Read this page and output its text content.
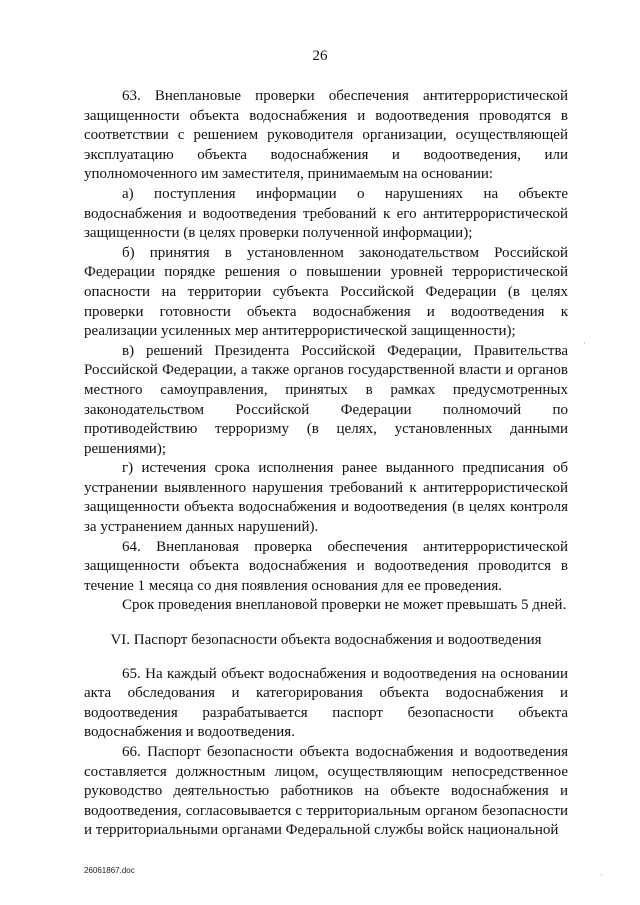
26

63. Внеплановые проверки обеспечения антитеррористической защищенности объекта водоснабжения и водоотведения проводятся в соответствии с решением руководителя организации, осуществляющей эксплуатацию объекта водоснабжения и водоотведения, или уполномоченного им заместителя, принимаемым на основании:

а) поступления информации о нарушениях на объекте водоснабжения и водоотведения требований к его антитеррористической защищенности (в целях проверки полученной информации);

б) принятия в установленном законодательством Российской Федерации порядке решения о повышении уровней террористической опасности на территории субъекта Российской Федерации (в целях проверки готовности объекта водоснабжения и водоотведения к реализации усиленных мер антитеррористической защищенности);

в) решений Президента Российской Федерации, Правительства Российской Федерации, а также органов государственной власти и органов местного самоуправления, принятых в рамках предусмотренных законодательством Российской Федерации полномочий по противодействию терроризму (в целях, установленных данными решениями);

г) истечения срока исполнения ранее выданного предписания об устранении выявленного нарушения требований к антитеррористической защищенности объекта водоснабжения и водоотведения (в целях контроля за устранением данных нарушений).

64. Внеплановая проверка обеспечения антитеррористической защищенности объекта водоснабжения и водоотведения проводится в течение 1 месяца со дня появления основания для ее проведения.

Срок проведения внеплановой проверки не может превышать 5 дней.

VI. Паспорт безопасности объекта водоснабжения и водоотведения

65. На каждый объект водоснабжения и водоотведения на основании акта обследования и категорирования объекта водоснабжения и водоотведения разрабатывается паспорт безопасности объекта водоснабжения и водоотведения.

66. Паспорт безопасности объекта водоснабжения и водоотведения составляется должностным лицом, осуществляющим непосредственное руководство деятельностью работников на объекте водоснабжения и водоотведения, согласовывается с территориальным органом безопасности и территориальными органами Федеральной службы войск национальной

26061867.doc
·
·
